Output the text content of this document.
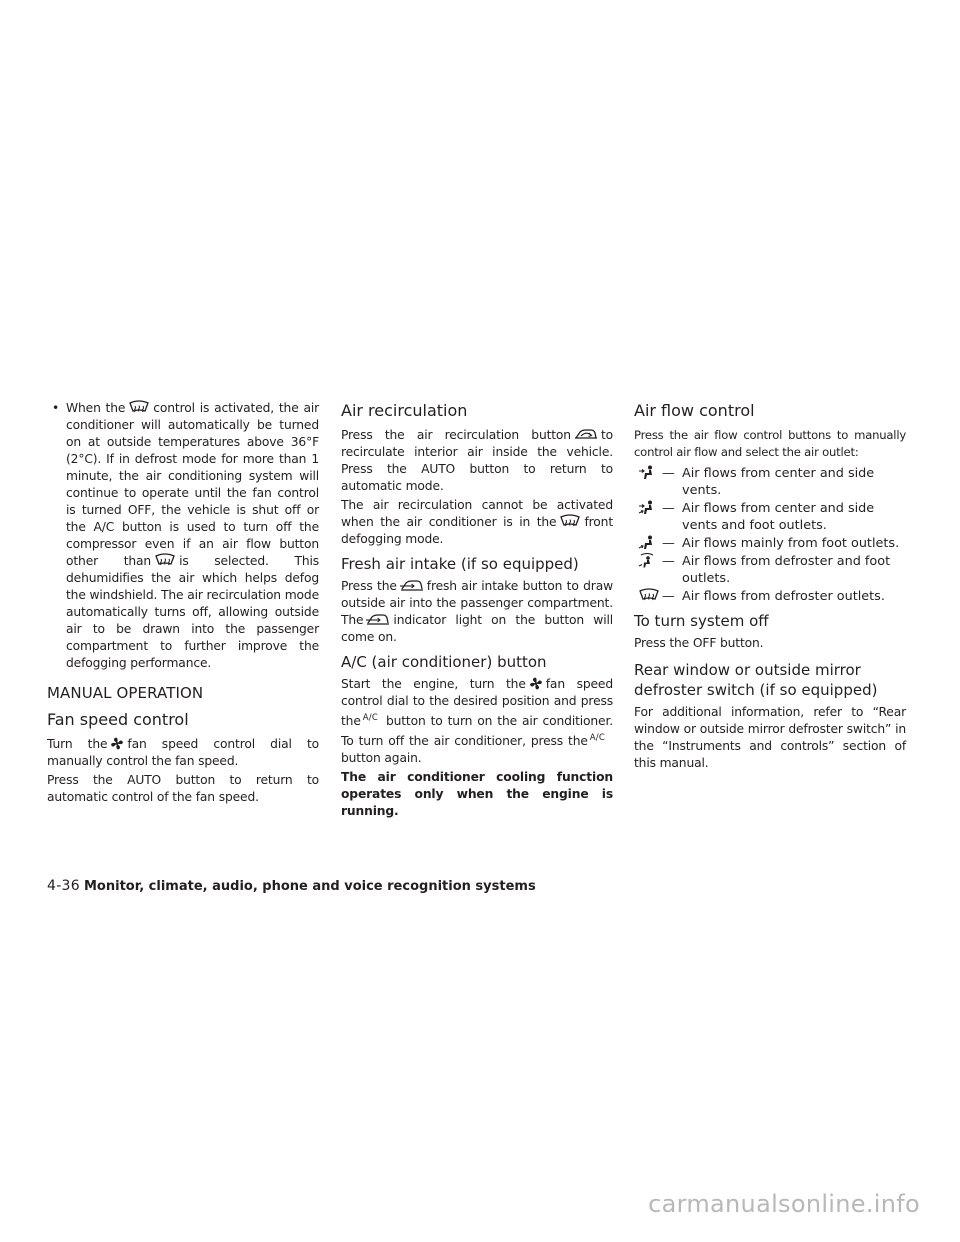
• When the control is activated, the air conditioner will automatically be turned on at outside temperatures above 36°F (2°C). If in defrost mode for more than 1 minute, the air conditioning system will continue to operate until the fan control is turned OFF, the vehicle is shut off or the A/C button is used to turn off the compressor even if an air flow button other than is selected. This dehumidifies the air which helps defog the windshield. The air recirculation mode automatically turns off, allowing outside air to be drawn into the passenger compartment to further improve the defogging performance.
MANUAL OPERATION
Fan speed control

Turn the fan speed control dial to manually control the fan speed.

Press the AUTO button to return to automatic control of the fan speed.

Air recirculation

Press the air recirculation button to recirculate interior air inside the vehicle. Press the AUTO button to return to automatic mode.

The air recirculation cannot be activated when the air conditioner is in the front defogging mode.

Fresh air intake (if so equipped)

Press the fresh air intake button to draw outside air into the passenger compartment. The indicator light on the button will come on.

A/C (air conditioner) button

Start the engine, turn the fan speed control dial to the desired position and press the A/C button to turn on the air conditioner. To turn off the air conditioner, press the A/Cbutton again.

The air conditioner cooling function operates only when the engine is running.

Air flow control

Press the air flow control buttons to manually control air flow and select the air outlet:

— Air flows from center and side vents.
— Air flows from center and side vents and foot outlets.
— Air flows mainly from foot outlets.
— Air flows from defroster and foot outlets.
— Air flows from defroster outlets.
To turn system off

Press the OFF button.

Rear window or outside mirror defroster switch (if so equipped)

For additional information, refer to “Rear window or outside mirror defroster switch” in the “Instruments and controls” section of this manual.

4-36 Monitor, climate, audio, phone and voice recognition systems
carmanualsonline.info
